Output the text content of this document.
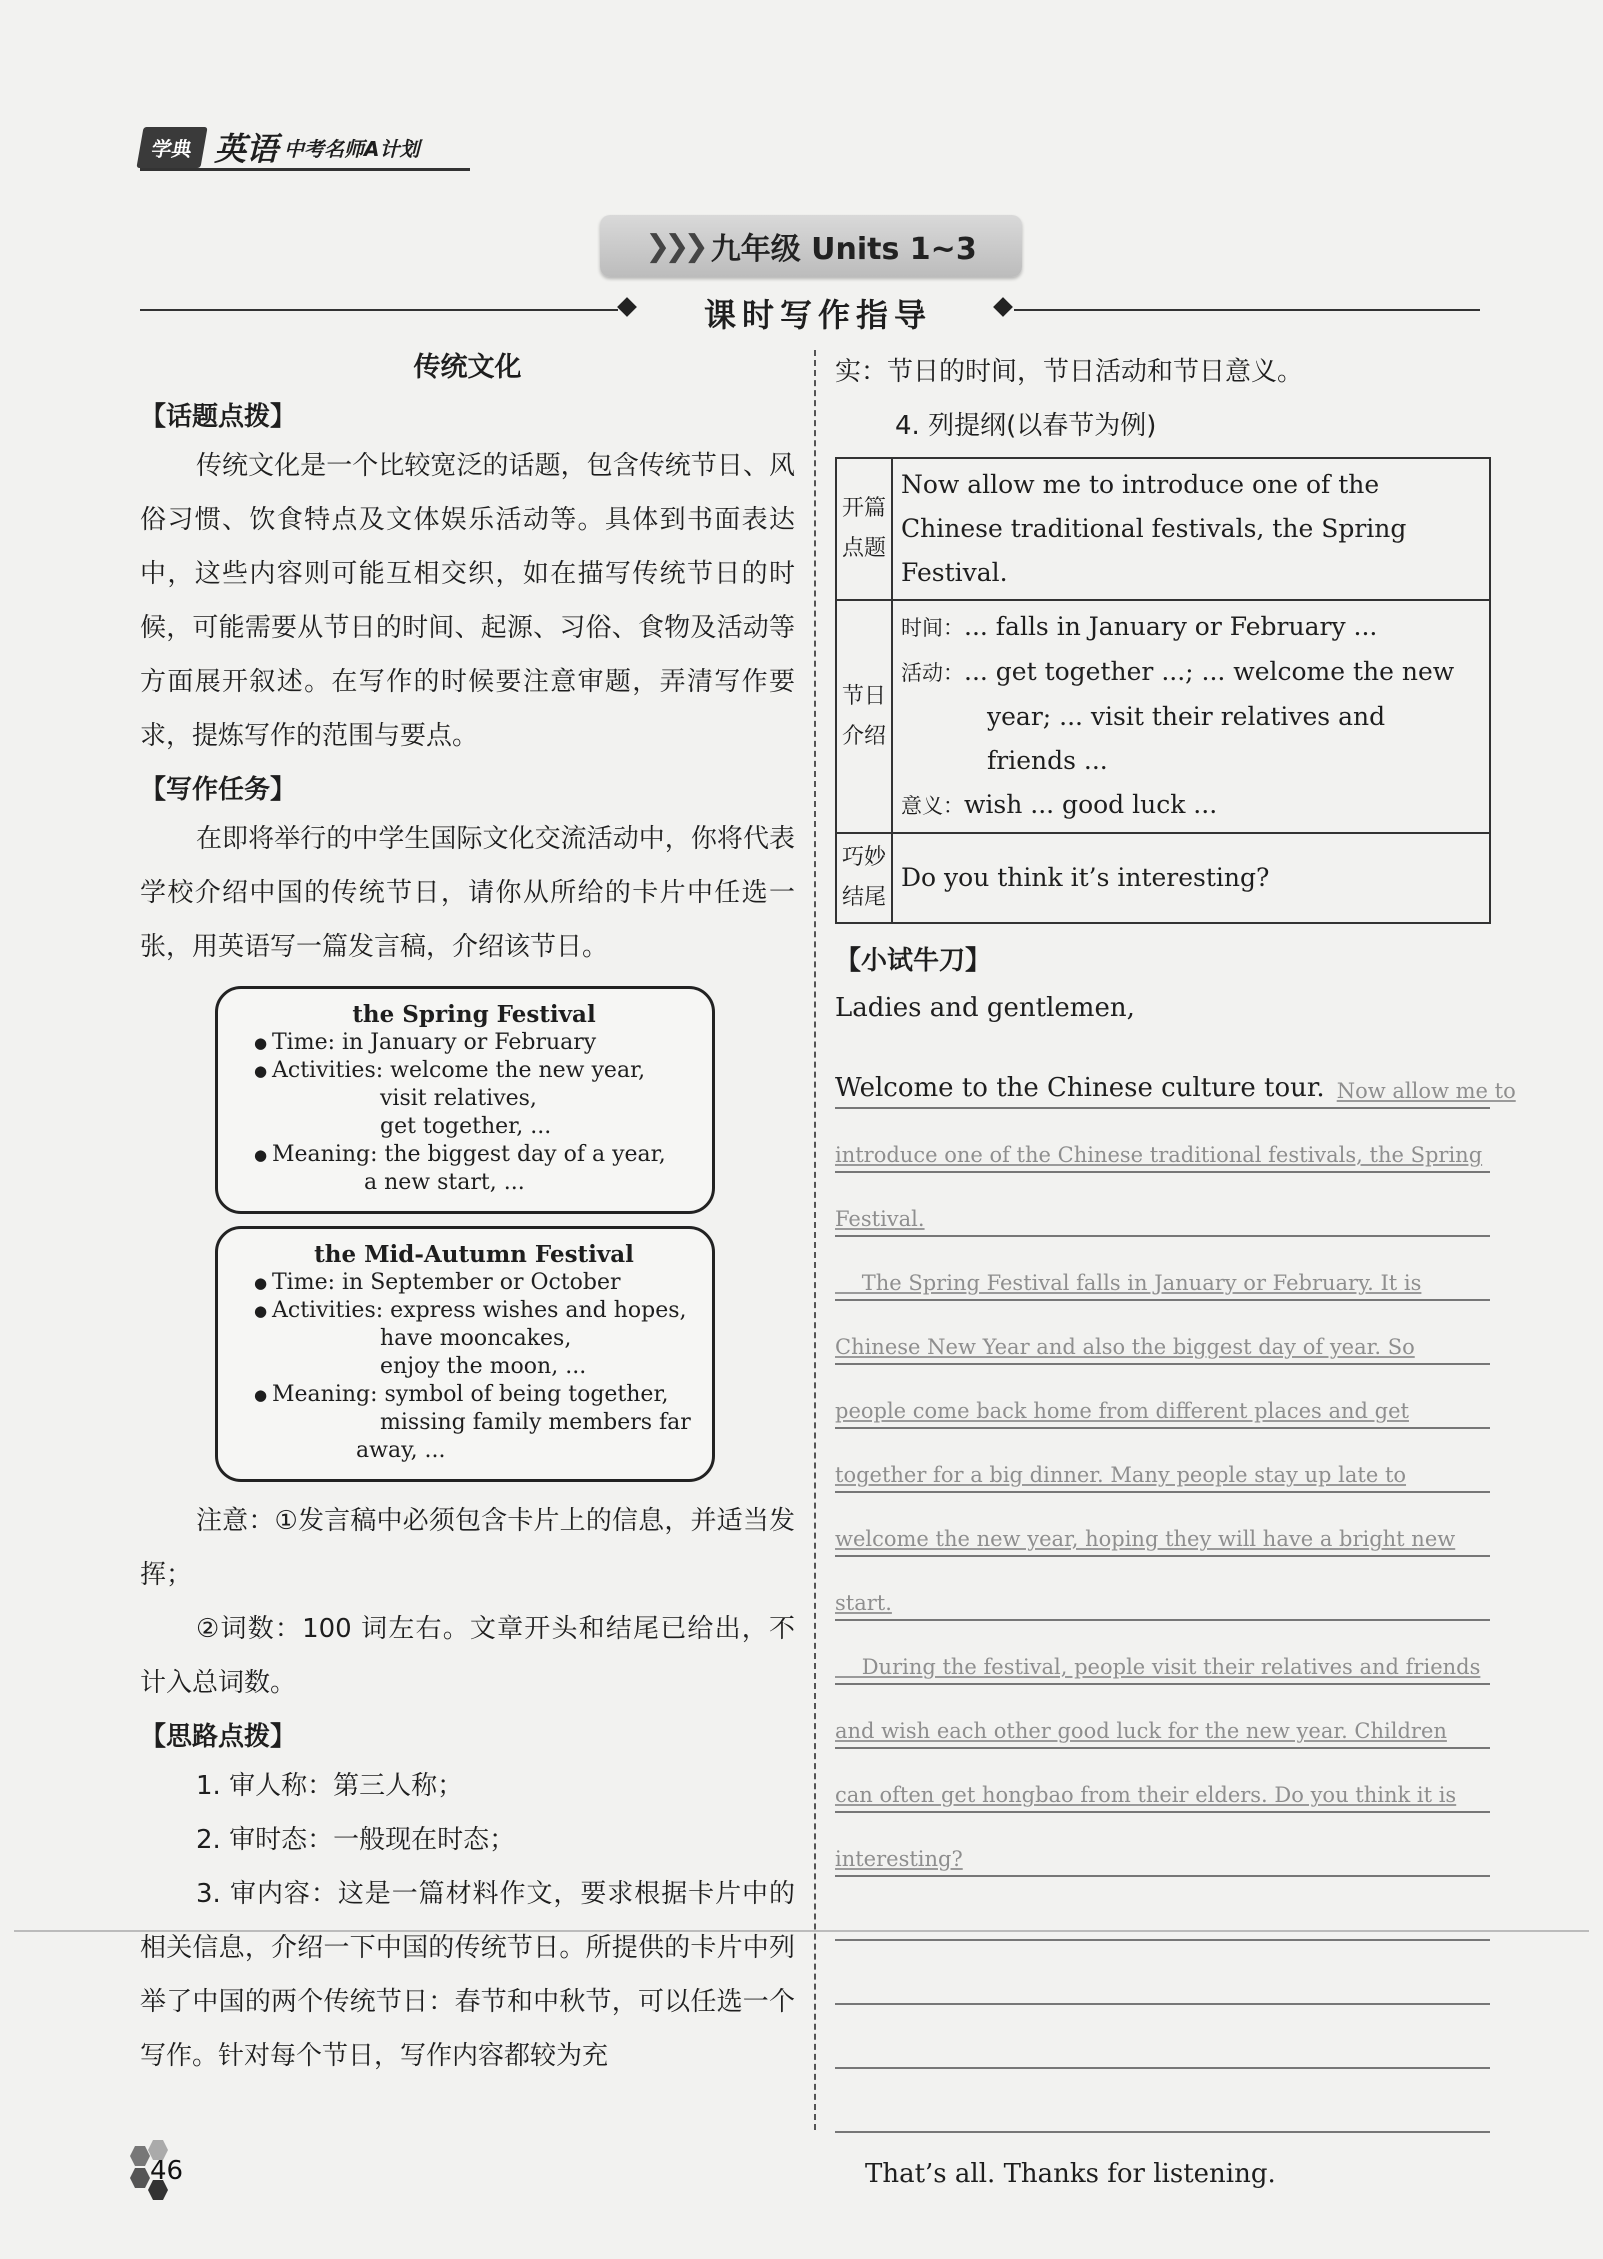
学典 英语 中考名师A计划
❯❯❯ 九年级 Units 1~3
课时写作指导
传统文化
【话题点拨】

传统文化是一个比较宽泛的话题，包含传统节日、风俗习惯、饮食特点及文体娱乐活动等。具体到书面表达中，这些内容则可能互相交织，如在描写传统节日的时候，可能需要从节日的时间、起源、习俗、食物及活动等方面展开叙述。在写作的时候要注意审题，弄清写作要求，提炼写作的范围与要点。

【写作任务】

在即将举行的中学生国际文化交流活动中，你将代表学校介绍中国的传统节日，请你从所给的卡片中任选一张，用英语写一篇发言稿，介绍该节日。

the Spring Festival
● Time: in January or February
● Activities: welcome the new year,
visit relatives,
get together, ...
● Meaning: the biggest day of a year,
a new start, ...
the Mid-Autumn Festival
● Time: in September or October
● Activities: express wishes and hopes,
have mooncakes,
enjoy the moon, ...
● Meaning: symbol of being together,
missing family members far
away, ...

注意：①发言稿中必须包含卡片上的信息，并适当发挥；

②词数：100 词左右。文章开头和结尾已给出，不计入总词数。

【思路点拨】

1. 审人称：第三人称；

2. 审时态：一般现在时态；

3. 审内容：这是一篇材料作文，要求根据卡片中的相关信息，介绍一下中国的传统节日。所提供的卡片中列举了中国的两个传统节日：春节和中秋节，可以任选一个写作。针对每个节日，写作内容都较为充

实：节日的时间，节日活动和节日意义。

4. 列提纲(以春节为例)

开篇点题	Now allow me to introduce one of the Chinese traditional festivals, the Spring Festival.
节日介绍	时间：... falls in January or February ...
活动：... get together ...; ... welcome the new
year; ... visit their relatives and friends ...
意义：wish ... good luck ...

巧妙结尾	Do you think it’s interesting?
【小试牛刀】

Ladies and gentlemen,

Welcome to the Chinese culture tour. Now allow me to
introduce one of the Chinese traditional festivals, the Spring
Festival.
The Spring Festival falls in January or February. It is
Chinese New Year and also the biggest day of year. So
people come back home from different places and get
together for a big dinner. Many people stay up late to
welcome the new year, hoping they will have a bright new
start.
During the festival, people visit their relatives and friends
and wish each other good luck for the new year. Children
can often get hongbao from their elders. Do you think it is
interesting?
That’s all. Thanks for listening.
46
